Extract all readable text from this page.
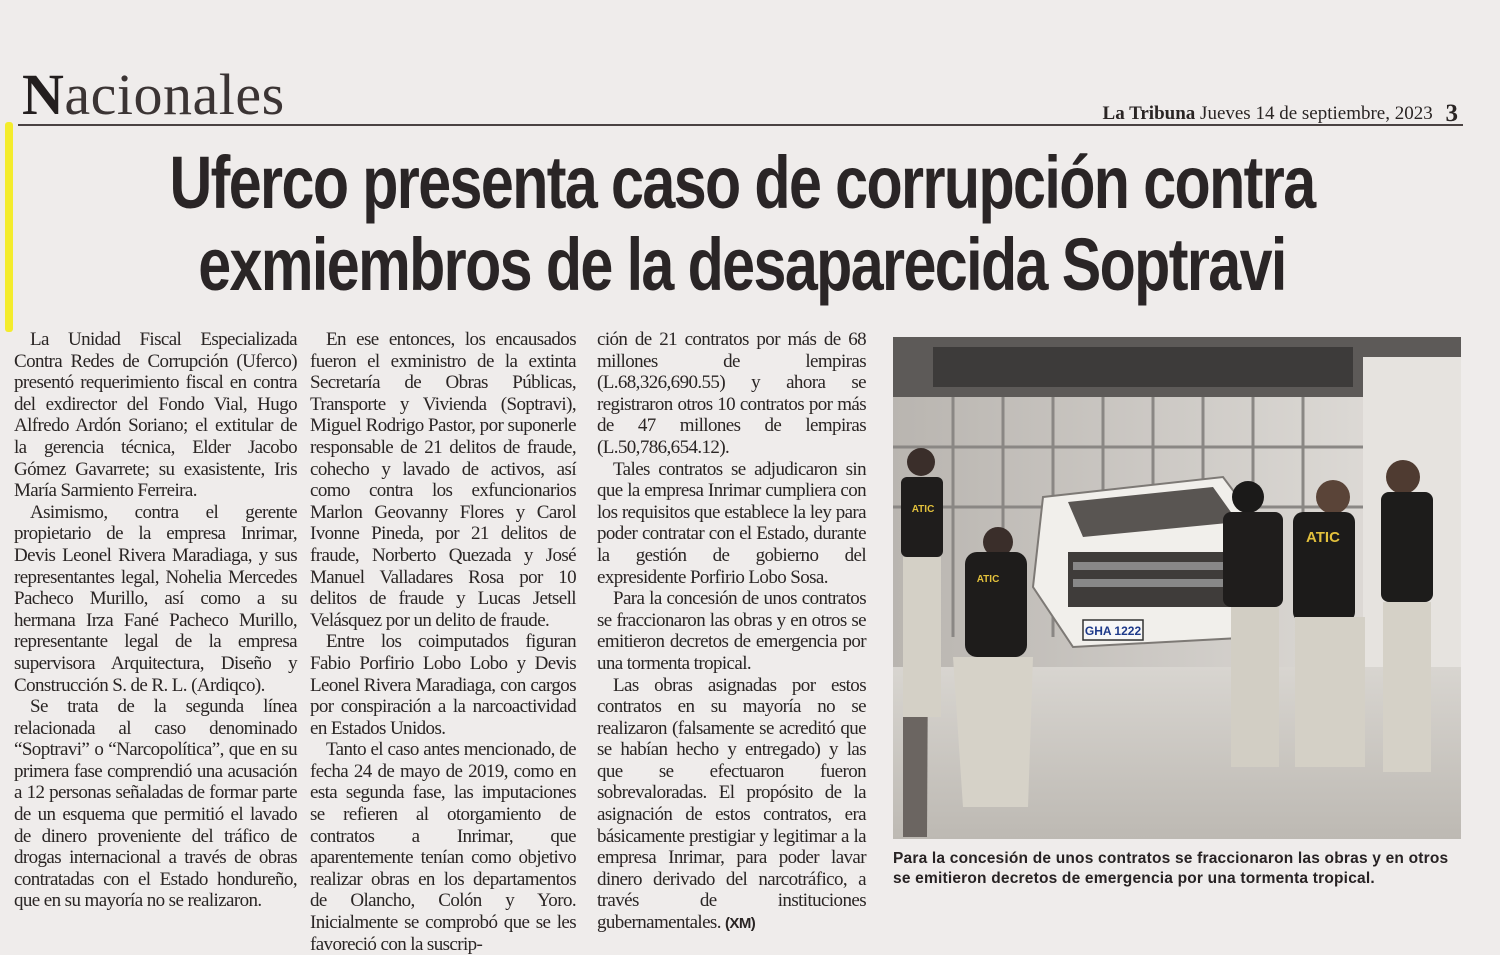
Nacionales	La Tribuna Jueves 14 de septiembre, 2023 3
Uferco presenta caso de corrupción contra
exmiembros de la desaparecida Soptravi

La Unidad Fiscal Especializada Contra Redes de Corrupción (Uferco) presentó requerimiento fiscal en contra del exdirector del Fondo Vial, Hugo Alfredo Ardón Soriano; el extitular de la gerencia técnica, Elder Jacobo Gómez Gavarrete; su exasistente, Iris María Sarmiento Ferreira.

Asimismo, contra el gerente propietario de la empresa Inrimar, Devis Leonel Rivera Maradiaga, y sus representantes legal, Nohelia Mercedes Pacheco Murillo, así como a su hermana Irza Fané Pacheco Murillo, representante legal de la empresa supervisora Arquitectura, Diseño y Construcción S. de R. L. (Ardiqco).

Se trata de la segunda línea relacionada al caso denominado “Soptravi” o “Narcopolítica”, que en su primera fase comprendió una acusación a 12 personas señaladas de formar parte de un esquema que permitió el lavado de dinero proveniente del tráfico de drogas internacional a través de obras contratadas con el Estado hondureño, que en su mayoría no se realizaron.

En ese entonces, los encausados fueron el exministro de la extinta Secretaría de Obras Públicas, Transporte y Vivienda (Soptravi), Miguel Rodrigo Pastor, por suponerle responsable de 21 delitos de fraude, cohecho y lavado de activos, así como contra los exfuncionarios Marlon Geovanny Flores y Carol Ivonne Pineda, por 21 delitos de fraude, Norberto Quezada y José Manuel Valladares Rosa por 10 delitos de fraude y Lucas Jetsell Velásquez por un delito de fraude.

Entre los coimputados figuran Fabio Porfirio Lobo Lobo y Devis Leonel Rivera Maradiaga, con cargos por conspiración a la narcoactividad en Estados Unidos.

Tanto el caso antes mencionado, de fecha 24 de mayo de 2019, como en esta segunda fase, las imputaciones se refieren al otorgamiento de contratos a Inrimar, que aparentemente tenían como objetivo realizar obras en los departamentos de Olancho, Colón y Yoro. Inicialmente se comprobó que se les favoreció con la suscrip-

ción de 21 contratos por más de 68 millones de lempiras (L.68,326,690.55) y ahora se registraron otros 10 contratos por más de 47 millones de lempiras (L.50,786,654.12).

Tales contratos se adjudicaron sin que la empresa Inrimar cumpliera con los requisitos que establece la ley para poder contratar con el Estado, durante la gestión de gobierno del expresidente Porfirio Lobo Sosa.

Para la concesión de unos contratos se fraccionaron las obras y en otros se emitieron decretos de emergencia por una tormenta tropical.

Las obras asignadas por estos contratos en su mayoría no se realizaron (falsamente se acreditó que se habían hecho y entregado) y las que se efectuaron fueron sobrevaloradas. El propósito de la asignación de estos contratos, era básicamente prestigiar y legitimar a la empresa Inrimar, para poder lavar dinero derivado del narcotráfico, a través de instituciones gubernamentales. (XM)

GHA 1222
ATIC
ATIC
ATIC
Para la concesión de unos contratos se fraccionaron las obras y en otros se emitieron decretos de emergencia por una tormenta tropical.
